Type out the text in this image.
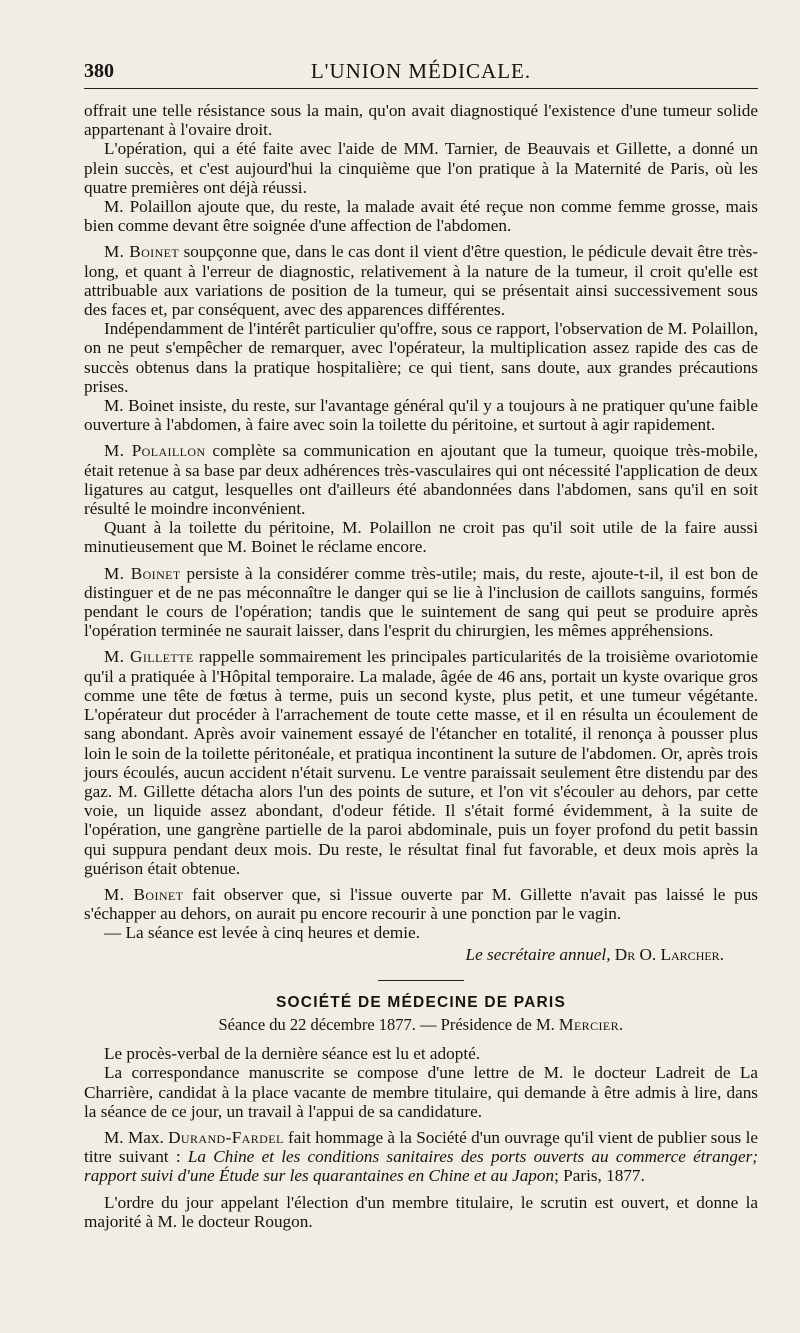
380	L'UNION MÉDICALE.

offrait une telle résistance sous la main, qu'on avait diagnostiqué l'existence d'une tumeur solide appartenant à l'ovaire droit.

L'opération, qui a été faite avec l'aide de MM. Tarnier, de Beauvais et Gillette, a donné un plein succès, et c'est aujourd'hui la cinquième que l'on pratique à la Maternité de Paris, où les quatre premières ont déjà réussi.

M. Polaillon ajoute que, du reste, la malade avait été reçue non comme femme grosse, mais bien comme devant être soignée d'une affection de l'abdomen.

M. Boinet soupçonne que, dans le cas dont il vient d'être question, le pédicule devait être très-long, et quant à l'erreur de diagnostic, relativement à la nature de la tumeur, il croit qu'elle est attribuable aux variations de position de la tumeur, qui se présentait ainsi successivement sous des faces et, par conséquent, avec des apparences différentes.

Indépendamment de l'intérêt particulier qu'offre, sous ce rapport, l'observation de M. Polaillon, on ne peut s'empêcher de remarquer, avec l'opérateur, la multiplication assez rapide des cas de succès obtenus dans la pratique hospitalière; ce qui tient, sans doute, aux grandes précautions prises.

M. Boinet insiste, du reste, sur l'avantage général qu'il y a toujours à ne pratiquer qu'une faible ouverture à l'abdomen, à faire avec soin la toilette du péritoine, et surtout à agir rapidement.

M. Polaillon complète sa communication en ajoutant que la tumeur, quoique très-mobile, était retenue à sa base par deux adhérences très-vasculaires qui ont nécessité l'application de deux ligatures au catgut, lesquelles ont d'ailleurs été abandonnées dans l'abdomen, sans qu'il en soit résulté le moindre inconvénient.

Quant à la toilette du péritoine, M. Polaillon ne croit pas qu'il soit utile de la faire aussi minutieusement que M. Boinet le réclame encore.

M. Boinet persiste à la considérer comme très-utile; mais, du reste, ajoute-t-il, il est bon de distinguer et de ne pas méconnaître le danger qui se lie à l'inclusion de caillots sanguins, formés pendant le cours de l'opération; tandis que le suintement de sang qui peut se produire après l'opération terminée ne saurait laisser, dans l'esprit du chirurgien, les mêmes appréhensions.

M. Gillette rappelle sommairement les principales particularités de la troisième ovariotomie qu'il a pratiquée à l'Hôpital temporaire. La malade, âgée de 46 ans, portait un kyste ovarique gros comme une tête de fœtus à terme, puis un second kyste, plus petit, et une tumeur végétante. L'opérateur dut procéder à l'arrachement de toute cette masse, et il en résulta un écoulement de sang abondant. Après avoir vainement essayé de l'étancher en totalité, il renonça à pousser plus loin le soin de la toilette péritonéale, et pratiqua incontinent la suture de l'abdomen. Or, après trois jours écoulés, aucun accident n'était survenu. Le ventre paraissait seulement être distendu par des gaz. M. Gillette détacha alors l'un des points de suture, et l'on vit s'écouler au dehors, par cette voie, un liquide assez abondant, d'odeur fétide. Il s'était formé évidemment, à la suite de l'opération, une gangrène partielle de la paroi abdominale, puis un foyer profond du petit bassin qui suppura pendant deux mois. Du reste, le résultat final fut favorable, et deux mois après la guérison était obtenue.

M. Boinet fait observer que, si l'issue ouverte par M. Gillette n'avait pas laissé le pus s'échapper au dehors, on aurait pu encore recourir à une ponction par le vagin.

— La séance est levée à cinq heures et demie.

Le secrétaire annuel, Dr O. Larcher.

SOCIÉTÉ DE MÉDECINE DE PARIS

Séance du 22 décembre 1877. — Présidence de M. Mercier.

Le procès-verbal de la dernière séance est lu et adopté.

La correspondance manuscrite se compose d'une lettre de M. le docteur Ladreit de La Charrière, candidat à la place vacante de membre titulaire, qui demande à être admis à lire, dans la séance de ce jour, un travail à l'appui de sa candidature.

M. Max. Durand-Fardel fait hommage à la Société d'un ouvrage qu'il vient de publier sous le titre suivant : La Chine et les conditions sanitaires des ports ouverts au commerce étranger; rapport suivi d'une Étude sur les quarantaines en Chine et au Japon; Paris, 1877.

L'ordre du jour appelant l'élection d'un membre titulaire, le scrutin est ouvert, et donne la majorité à M. le docteur Rougon.
